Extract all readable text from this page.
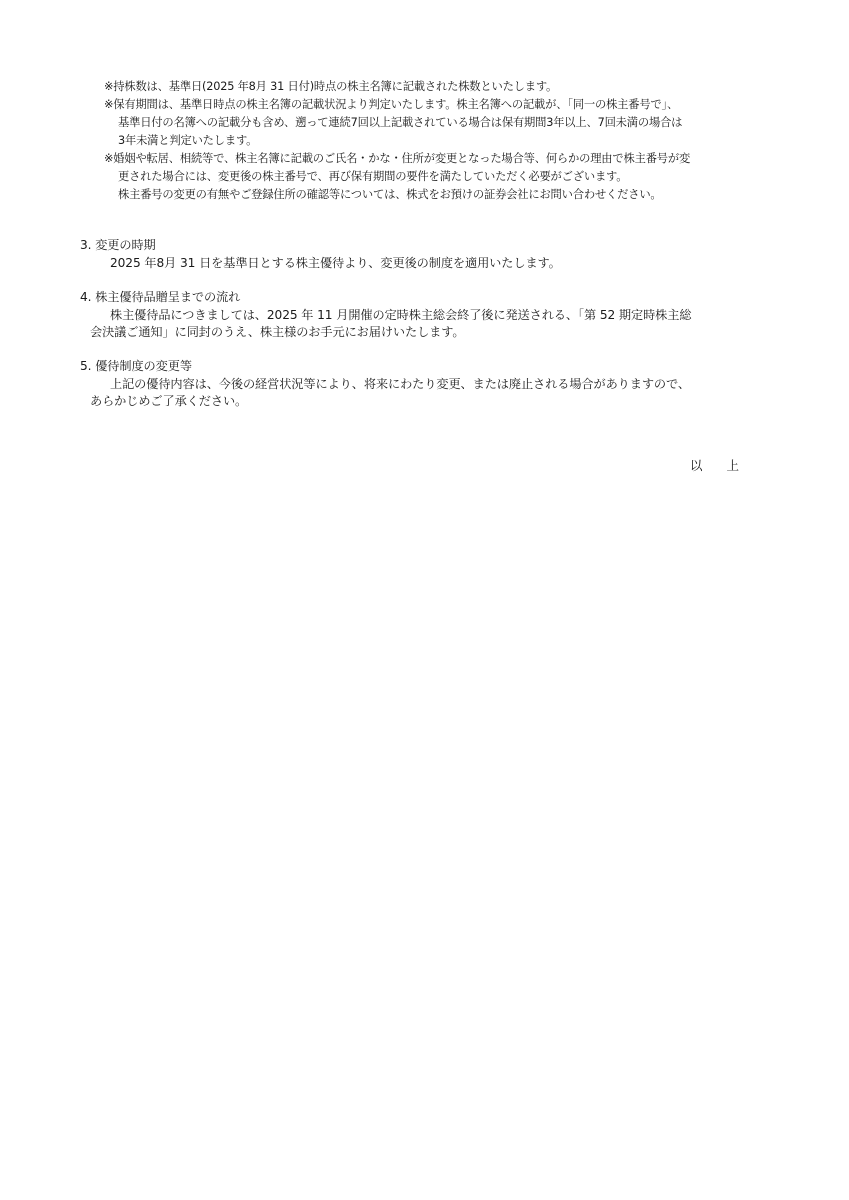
※持株数は、基準日(2025 年8月 31 日付)時点の株主名簿に記載された株数といたします。

※保有期間は、基準日時点の株主名簿の記載状況より判定いたします。株主名簿への記載が、「同一の株主番号で」、

基準日付の名簿への記載分も含め、遡って連続7回以上記載されている場合は保有期間3年以上、7回未満の場合は

3年未満と判定いたします。

※婚姻や転居、相続等で、株主名簿に記載のご氏名・かな・住所が変更となった場合等、何らかの理由で株主番号が変

更された場合には、変更後の株主番号で、再び保有期間の要件を満たしていただく必要がございます。

株主番号の変更の有無やご登録住所の確認等については、株式をお預けの証券会社にお問い合わせください。

3. 変更の時期

2025 年8月 31 日を基準日とする株主優待より、変更後の制度を適用いたします。

4. 株主優待品贈呈までの流れ

株主優待品につきましては、2025 年 11 月開催の定時株主総会終了後に発送される、「第 52 期定時株主総

会決議ご通知」に同封のうえ、株主様のお手元にお届けいたします。

5. 優待制度の変更等

上記の優待内容は、今後の経営状況等により、将来にわたり変更、または廃止される場合がありますので、

あらかじめご了承ください。

以 上
